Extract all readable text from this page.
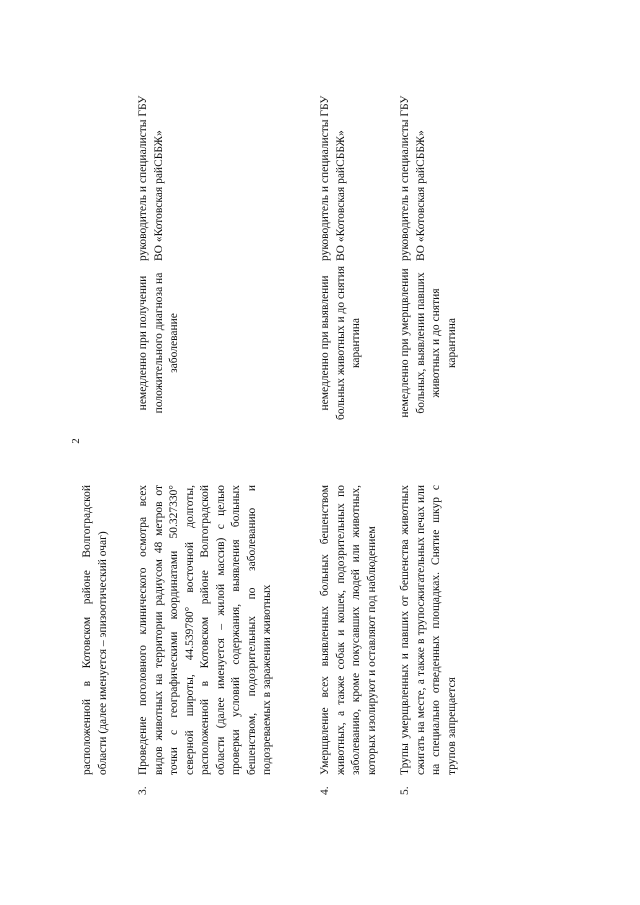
2
расположенной в Котовском районе Волгоградской области (далее именуется – эпизоотический очаг)
3.
Проведение поголовного клинического осмотра всех видов животных на территории радиусом 48 метров от точки с географическими координатами 50.327330° северной широты, 44.539780° восточной долготы, расположенной в Котовском районе Волгоградской области (далее именуется – жилой массив) с целью проверки условий содержания, выявления больных бешенством, подозрительных по заболеванию и подозреваемых в заражении животных
немедленно при получении положительного диагноза на заболевание
руководитель и специалисты ГБУ ВО «Котовская райСББЖ»
4.
Умерщвление всех выявленных больных бешенством животных, а также собак и кошек, подозрительных по заболеванию, кроме покусавших людей или животных, которых изолируют и оставляют под наблюдением
немедленно при выявлении больных животных и до снятия карантина
руководитель и специалисты ГБУ ВО «Котовская райСББЖ»
5.
Трупы умерщвленных и павших от бешенства животных сжигать на месте, а также в трупосжигательных печах или на специально отведенных площадках. Снятие шкур с трупов запрещается
немедленно при умерщвлении больных, выявлении павших животных и до снятия карантина
руководитель и специалисты ГБУ ВО «Котовская райСББЖ»
